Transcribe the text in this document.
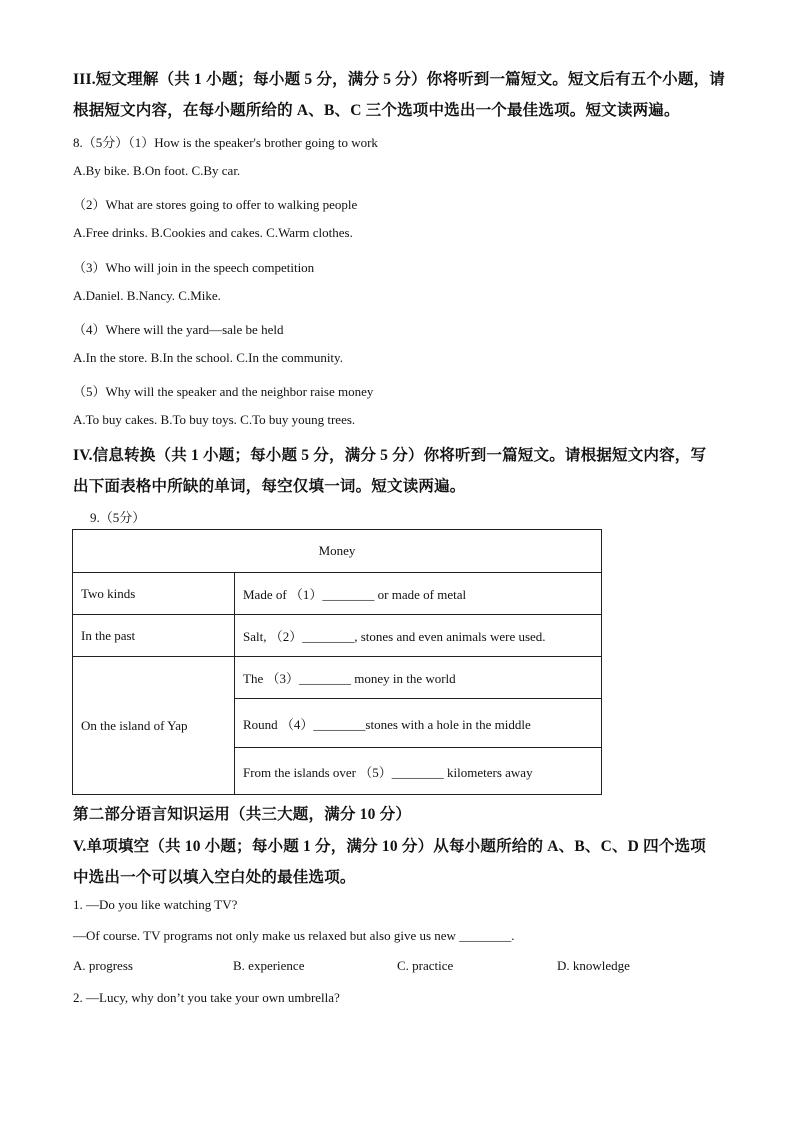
III.短文理解（共 1 小题；每小题 5 分，满分 5 分）你将听到一篇短文。短文后有五个小题，请
根据短文内容，在每小题所给的 A、B、C 三个选项中选出一个最佳选项。短文读两遍。
8.（5分）（1）How is the speaker's brother going to work
A.By bike. B.On foot. C.By car.
（2）What are stores going to offer to walking people
A.Free drinks. B.Cookies and cakes. C.Warm clothes.
（3）Who will join in the speech competition
A.Daniel. B.Nancy. C.Mike.
（4）Where will the yard—sale be held
A.In the store. B.In the school. C.In the community.
（5）Why will the speaker and the neighbor raise money
A.To buy cakes. B.To buy toys. C.To buy young trees.
IV.信息转换（共 1 小题；每小题 5 分，满分 5 分）你将听到一篇短文。请根据短文内容，写
出下面表格中所缺的单词，每空仅填一词。短文读两遍。
9.（5分）
Money	
Two kinds	Made of （1）________ or made of metal
In the past	Salt, （2）________, stones and even animals were used.
On the island of Yap	The （3）________ money in the world
	Round （4）________stones with a hole in the middle
	From the islands over （5）________ kilometers away
第二部分语言知识运用（共三大题，满分 10 分）
V.单项填空（共 10 小题；每小题 1 分，满分 10 分）从每小题所给的 A、B、C、D 四个选项
中选出一个可以填入空白处的最佳选项。
1. —Do you like watching TV?
—Of course. TV programs not only make us relaxed but also give us new ________.
A. progress	B. experience	C. practice	D. knowledge
2. —Lucy, why don’t you take your own umbrella?
